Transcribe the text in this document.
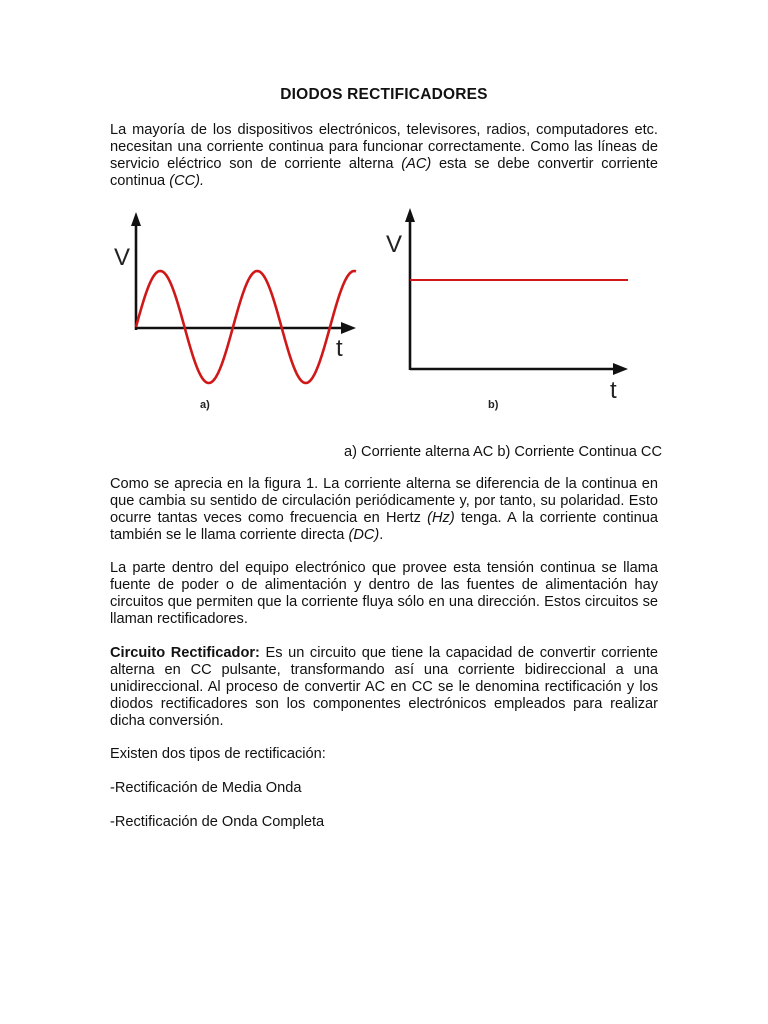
DIODOS RECTIFICADORES

La mayoría de los dispositivos electrónicos, televisores, radios, computadores etc. necesitan una corriente continua para funcionar correctamente. Como las líneas de servicio eléctrico son de corriente alterna (AC) esta se debe convertir corriente continua (CC).

V
t
a)
V
t
b)
a) Corriente alterna AC b) Corriente Continua CC

Como se aprecia en la figura 1. La corriente alterna se diferencia de la continua en que cambia su sentido de circulación periódicamente y, por tanto, su polaridad. Esto ocurre tantas veces como frecuencia en Hertz (Hz) tenga. A la corriente continua también se le llama corriente directa (DC).

La parte dentro del equipo electrónico que provee esta tensión continua se llama fuente de poder o de alimentación y dentro de las fuentes de alimentación hay circuitos que permiten que la corriente fluya sólo en una dirección. Estos circuitos se llaman rectificadores.

Circuito Rectificador: Es un circuito que tiene la capacidad de convertir corriente alterna en CC pulsante, transformando así una corriente bidireccional a una unidireccional. Al proceso de convertir AC en CC se le denomina rectificación y los diodos rectificadores son los componentes electrónicos empleados para realizar dicha conversión.

Existen dos tipos de rectificación:

-Rectificación de Media Onda

-Rectificación de Onda Completa
